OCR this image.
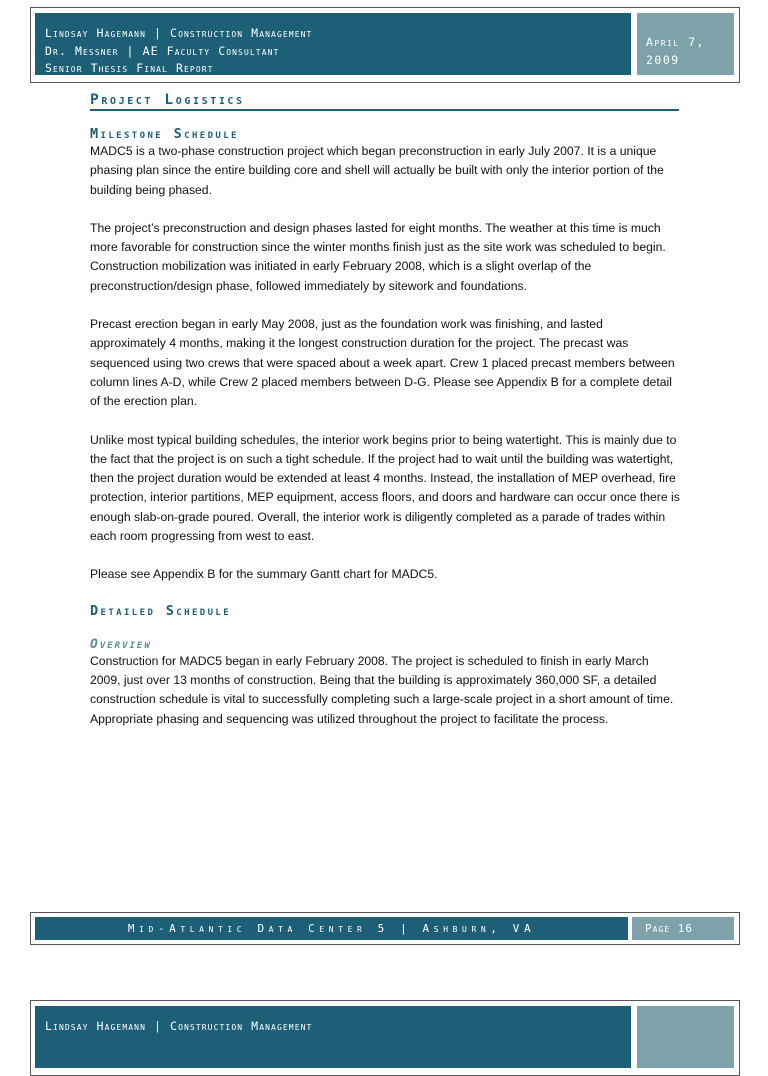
Lindsay Hagemann | Construction Management
Dr. Messner | AE Faculty Consultant
Senior Thesis Final Report
April 7,
2009
Project Logistics
Milestone Schedule

MADC5 is a two-phase construction project which began preconstruction in early July 2007. It is a unique phasing plan since the entire building core and shell will actually be built with only the interior portion of the building being phased.

The project’s preconstruction and design phases lasted for eight months. The weather at this time is much more favorable for construction since the winter months finish just as the site work was scheduled to begin. Construction mobilization was initiated in early February 2008, which is a slight overlap of the preconstruction/design phase, followed immediately by sitework and foundations.

Precast erection began in early May 2008, just as the foundation work was finishing, and lasted approximately 4 months, making it the longest construction duration for the project. The precast was sequenced using two crews that were spaced about a week apart. Crew 1 placed precast members between column lines A-D, while Crew 2 placed members between D-G. Please see Appendix B for a complete detail of the erection plan.

Unlike most typical building schedules, the interior work begins prior to being watertight. This is mainly due to the fact that the project is on such a tight schedule. If the project had to wait until the building was watertight, then the project duration would be extended at least 4 months. Instead, the installation of MEP overhead, fire protection, interior partitions, MEP equipment, access floors, and doors and hardware can occur once there is enough slab-on-grade poured. Overall, the interior work is diligently completed as a parade of trades within each room progressing from west to east.

Please see Appendix B for the summary Gantt chart for MADC5.

Detailed Schedule
Overview

Construction for MADC5 began in early February 2008. The project is scheduled to finish in early March 2009, just over 13 months of construction. Being that the building is approximately 360,000 SF, a detailed construction schedule is vital to successfully completing such a large-scale project in a short amount of time. Appropriate phasing and sequencing was utilized throughout the project to facilitate the process.

Mid-Atlantic Data Center 5 | Ashburn, VA	Page 16
Lindsay Hagemann | Construction Management
